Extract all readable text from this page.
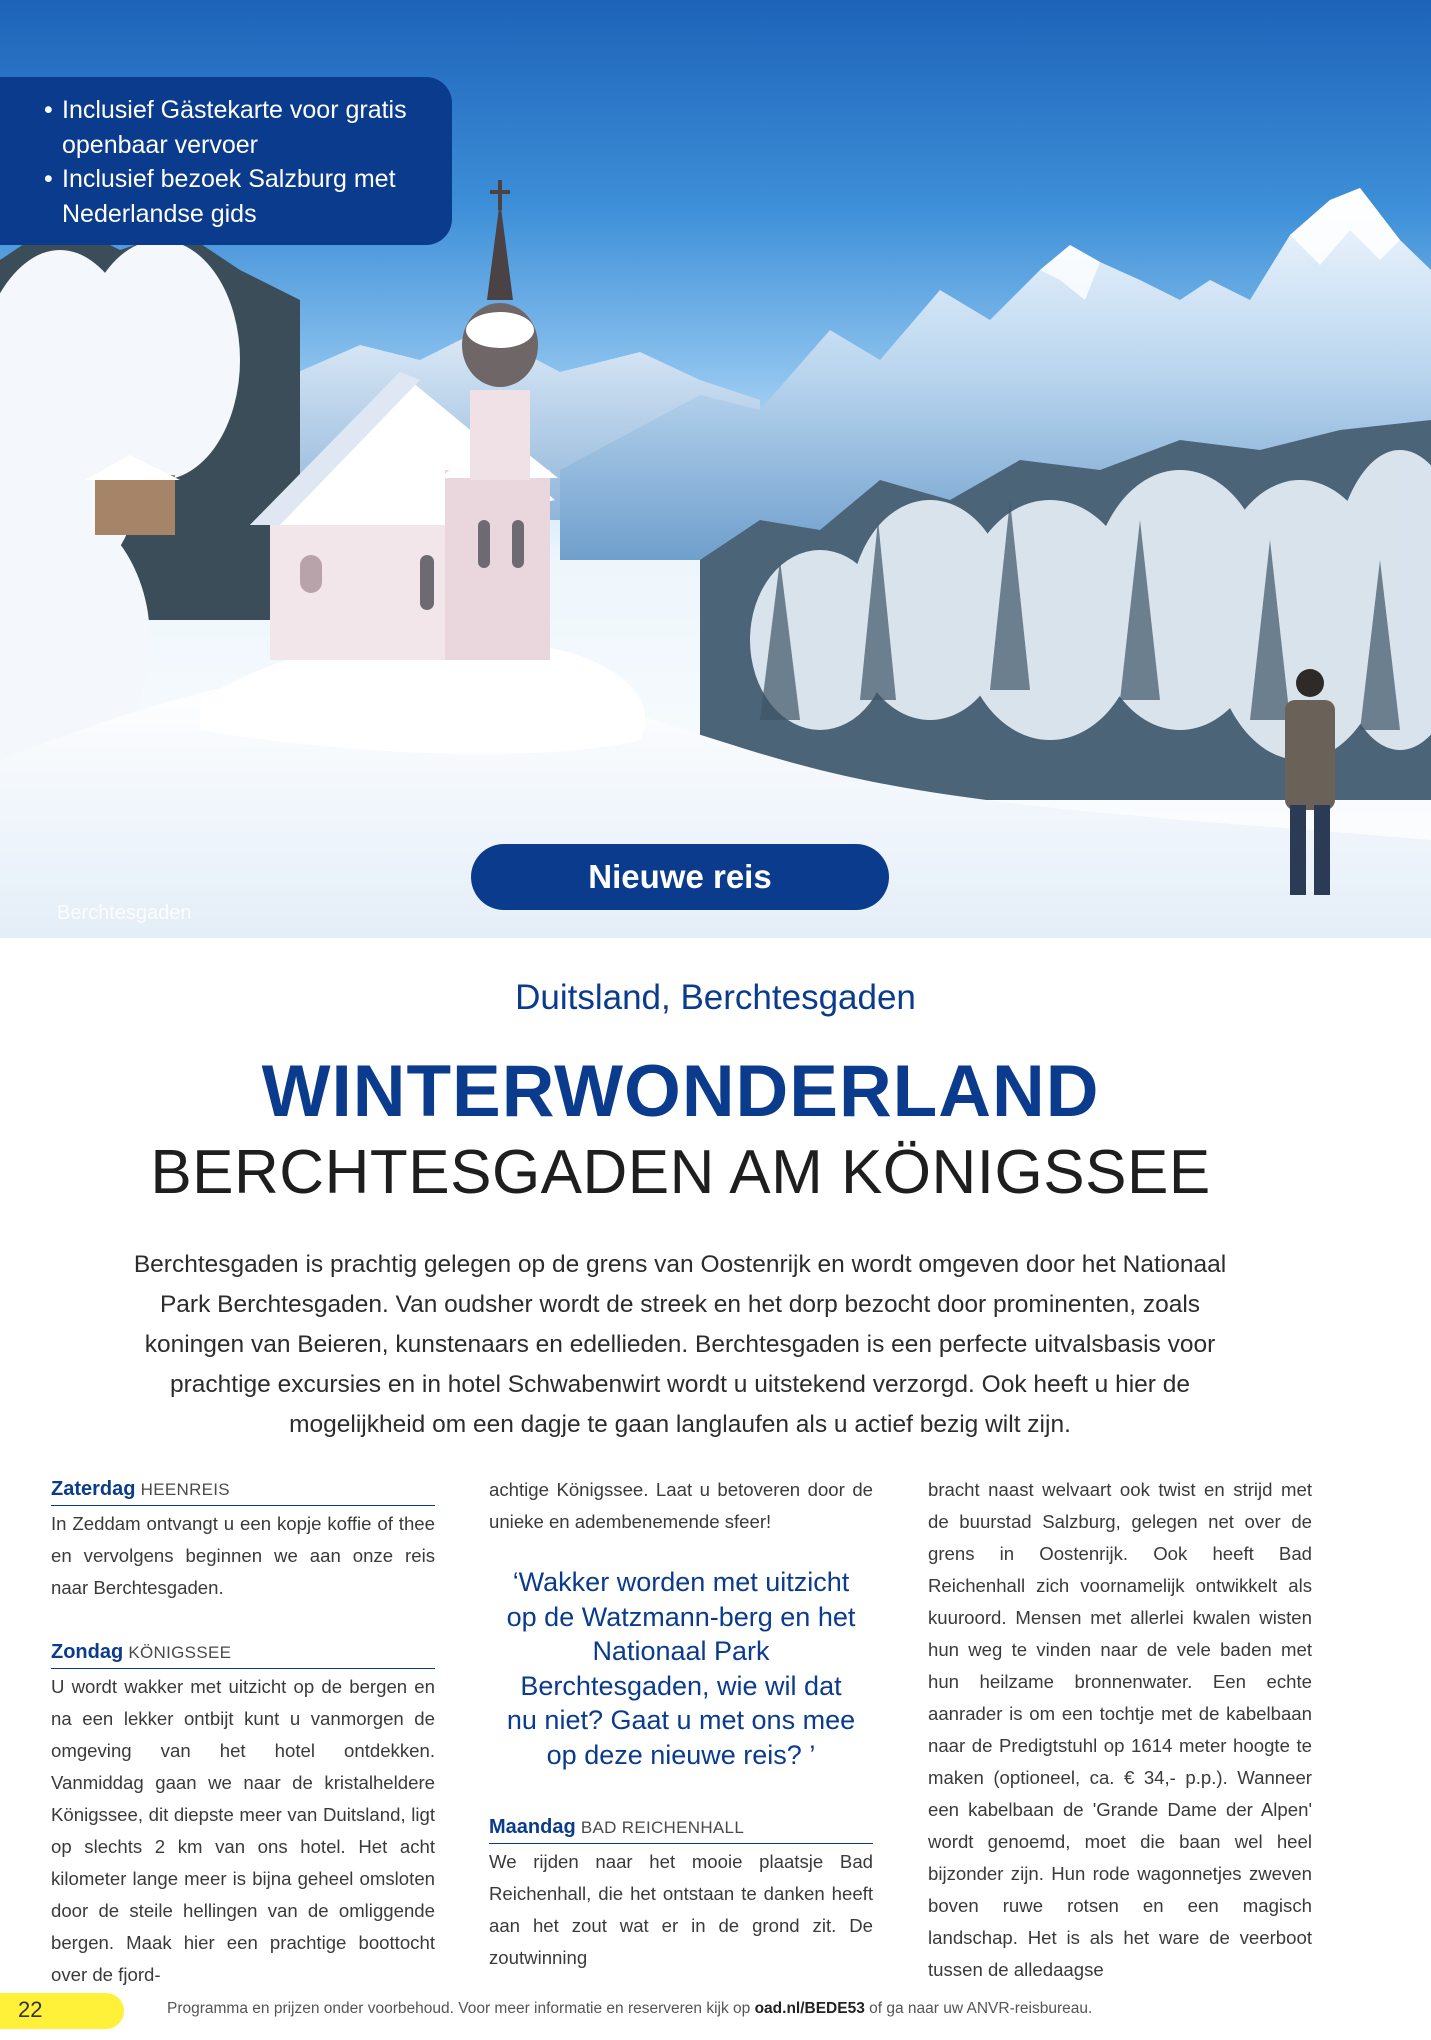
• Inclusief Gästekarte voor gratis openbaar vervoer
• Inclusief bezoek Salzburg met Nederlandse gids
Nieuwe reis
Berchtesgaden
Duitsland, Berchtesgaden
WINTERWONDERLAND
BERCHTESGADEN AM KÖNIGSSEE

Berchtesgaden is prachtig gelegen op de grens van Oostenrijk en wordt omgeven door het Nationaal Park Berchtesgaden. Van oudsher wordt de streek en het dorp bezocht door prominenten, zoals koningen van Beieren, kunstenaars en edellieden. Berchtesgaden is een perfecte uitvalsbasis voor prachtige excursies en in hotel Schwabenwirt wordt u uitstekend verzorgd. Ook heeft u hier de mogelijkheid om een dagje te gaan langlaufen als u actief bezig wilt zijn.

Zaterdag HEENREIS

In Zeddam ontvangt u een kopje koffie of thee en vervolgens beginnen we aan onze reis naar Berchtesgaden.

Zondag KÖNIGSSEE

U wordt wakker met uitzicht op de bergen en na een lekker ontbijt kunt u vanmorgen de omgeving van het hotel ontdekken. Vanmiddag gaan we naar de kristalheldere Königssee, dit diepste meer van Duitsland, ligt op slechts 2 km van ons hotel. Het acht kilometer lange meer is bijna geheel omsloten door de steile hellingen van de omliggende bergen. Maak hier een prachtige boottocht over de fjord-

achtige Königssee. Laat u betoveren door de unieke en adembenemende sfeer!

‘Wakker worden met uitzicht op de Watzmann-berg en het Nationaal Park Berchtesgaden, wie wil dat nu niet? Gaat u met ons mee op deze nieuwe reis? ’

Maandag BAD REICHENHALL

We rijden naar het mooie plaatsje Bad Reichenhall, die het ontstaan te danken heeft aan het zout wat er in de grond zit. De zoutwinning

bracht naast welvaart ook twist en strijd met de buurstad Salzburg, gelegen net over de grens in Oostenrijk. Ook heeft Bad Reichenhall zich voornamelijk ontwikkelt als kuuroord. Mensen met allerlei kwalen wisten hun weg te vinden naar de vele baden met hun heilzame bronnenwater. Een echte aanrader is om een tochtje met de kabelbaan naar de Predigtstuhl op 1614 meter hoogte te maken (optioneel, ca. € 34,- p.p.). Wanneer een kabelbaan de 'Grande Dame der Alpen' wordt genoemd, moet die baan wel heel bijzonder zijn. Hun rode wagonnetjes zweven boven ruwe rotsen en een magisch landschap. Het is als het ware de veerboot tussen de alledaagse

22	Programma en prijzen onder voorbehoud. Voor meer informatie en reserveren kijk op oad.nl/BEDE53 of ga naar uw ANVR-reisbureau.
